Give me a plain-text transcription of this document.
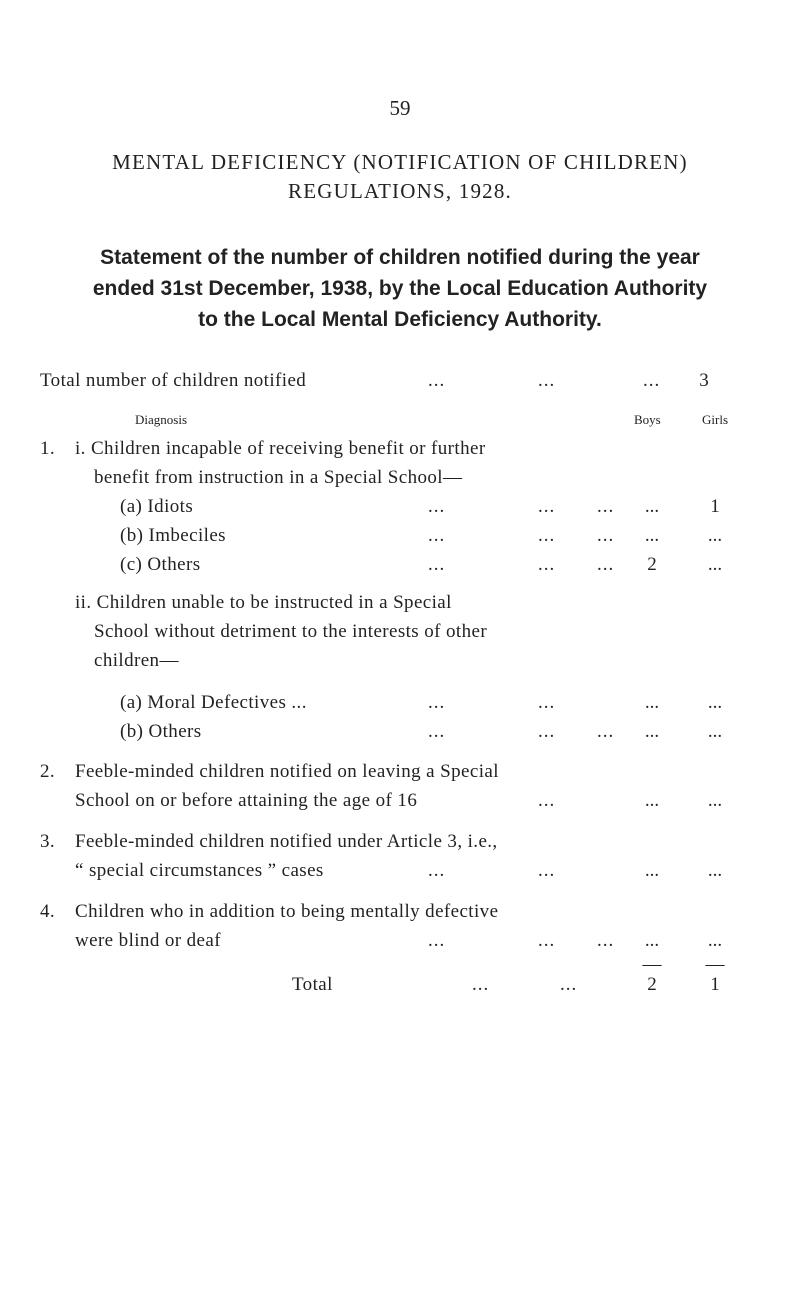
59
MENTAL DEFICIENCY (NOTIFICATION OF CHILDREN)
REGULATIONS, 1928.
Statement of the number of children notified during the year
ended 31st December, 1938, by the Local Education Authority
to the Local Mental Deficiency Authority.
Total number of children notified	...	...	...	3
Diagnosis	Boys	Girls
1. i. Children incapable of receiving benefit or further
benefit from instruction in a Special School—
(a) Idiots	...	... ...	...	1
(b) Imbeciles	...	... ...	...	...
(c) Others	...	... ...	2	...
ii. Children unable to be instructed in a Special
School without detriment to the interests of other
children—
(a) Moral Defectives ...	...	...	...	...
(b) Others	...	... ...	...	...
2. Feeble-minded children notified on leaving a Special
School on or before attaining the age of 16	...	...	...
3. Feeble-minded children notified under Article 3, i.e.,
“ special circumstances ” cases	...	...	...	...
4. Children who in addition to being mentally defective
were blind or deaf	...	... ...	...	...
— —
Total	...	...	2	1
